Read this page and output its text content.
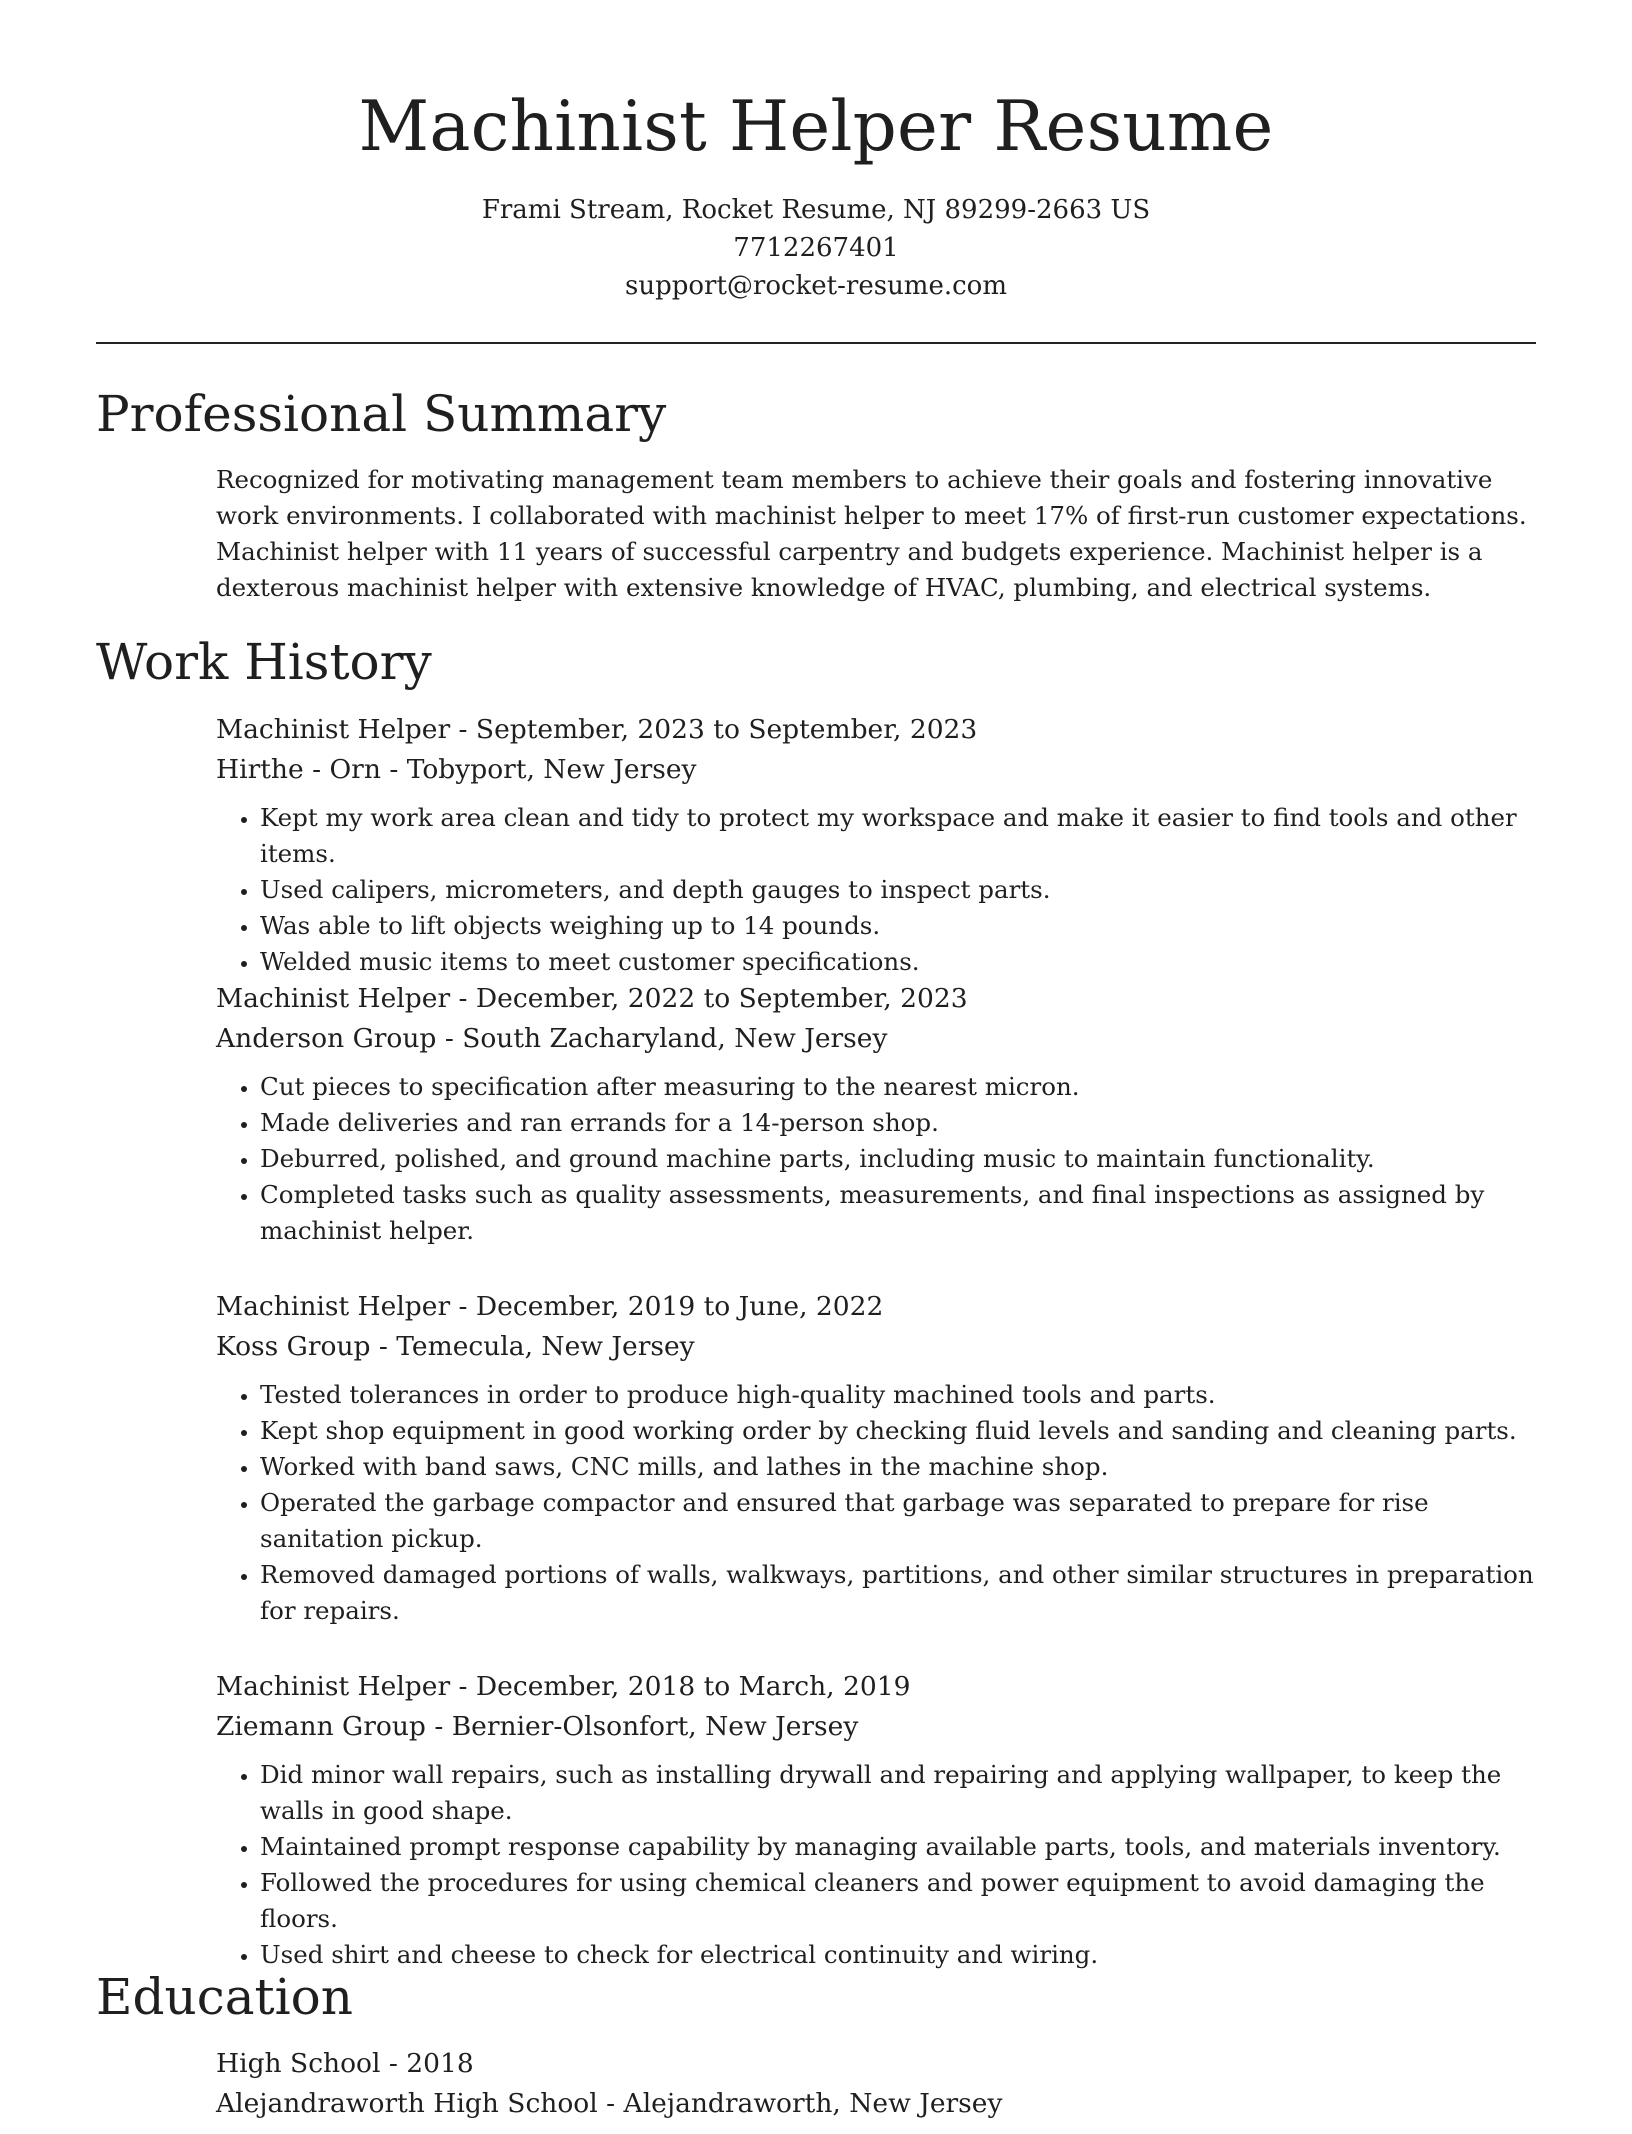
Machinist Helper Resume
Frami Stream, Rocket Resume, NJ 89299-2663 US
7712267401
support@rocket-resume.com
Professional Summary

Recognized for motivating management team members to achieve their goals and fostering innovative work environments. I collaborated with machinist helper to meet 17% of first-run customer expectations. Machinist helper with 11 years of successful carpentry and budgets experience. Machinist helper is a dexterous machinist helper with extensive knowledge of HVAC, plumbing, and electrical systems.

Work History
Machinist Helper - September, 2023 to September, 2023
Hirthe - Orn - Tobyport, New Jersey
• Kept my work area clean and tidy to protect my workspace and make it easier to find tools and other items.
• Used calipers, micrometers, and depth gauges to inspect parts.
• Was able to lift objects weighing up to 14 pounds.
• Welded music items to meet customer specifications.
Machinist Helper - December, 2022 to September, 2023
Anderson Group - South Zacharyland, New Jersey
• Cut pieces to specification after measuring to the nearest micron.
• Made deliveries and ran errands for a 14-person shop.
• Deburred, polished, and ground machine parts, including music to maintain functionality.
• Completed tasks such as quality assessments, measurements, and final inspections as assigned by machinist helper.
Machinist Helper - December, 2019 to June, 2022
Koss Group - Temecula, New Jersey
• Tested tolerances in order to produce high-quality machined tools and parts.
• Kept shop equipment in good working order by checking fluid levels and sanding and cleaning parts.
• Worked with band saws, CNC mills, and lathes in the machine shop.
• Operated the garbage compactor and ensured that garbage was separated to prepare for rise sanitation pickup.
• Removed damaged portions of walls, walkways, partitions, and other similar structures in preparation for repairs.
Machinist Helper - December, 2018 to March, 2019
Ziemann Group - Bernier-Olsonfort, New Jersey
• Did minor wall repairs, such as installing drywall and repairing and applying wallpaper, to keep the walls in good shape.
• Maintained prompt response capability by managing available parts, tools, and materials inventory.
• Followed the procedures for using chemical cleaners and power equipment to avoid damaging the floors.
• Used shirt and cheese to check for electrical continuity and wiring.
Education
High School - 2018
Alejandraworth High School - Alejandraworth, New Jersey
